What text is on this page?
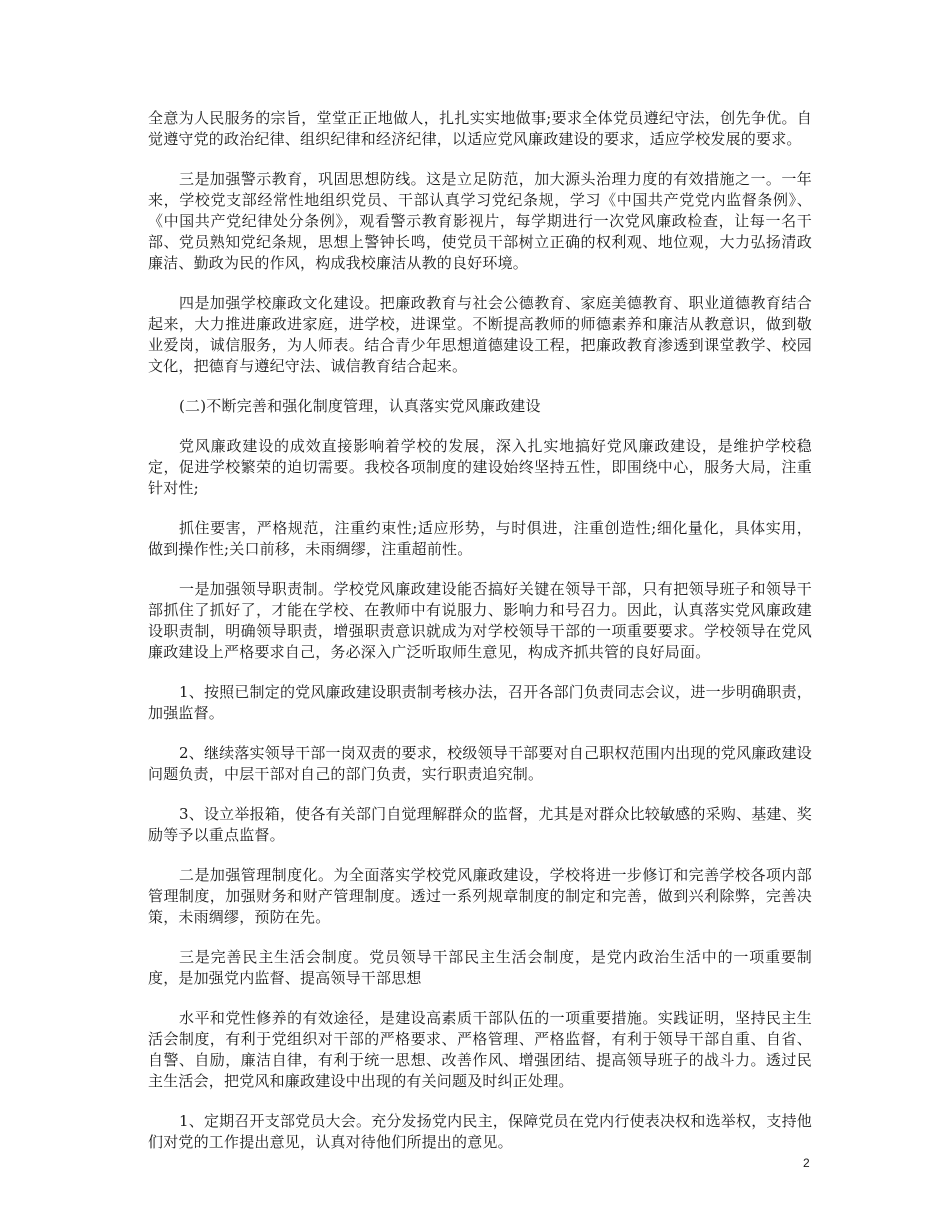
全意为人民服务的宗旨，堂堂正正地做人，扎扎实实地做事;要求全体党员遵纪守法，创先争优。自觉遵守党的政治纪律、组织纪律和经济纪律，以适应党风廉政建设的要求，适应学校发展的要求。

三是加强警示教育，巩固思想防线。这是立足防范，加大源头治理力度的有效措施之一。一年来，学校党支部经常性地组织党员、干部认真学习党纪条规，学习《中国共产党党内监督条例》、《中国共产党纪律处分条例》，观看警示教育影视片，每学期进行一次党风廉政检查，让每一名干部、党员熟知党纪条规，思想上警钟长鸣，使党员干部树立正确的权利观、地位观，大力弘扬清政廉洁、勤政为民的作风，构成我校廉洁从教的良好环境。

四是加强学校廉政文化建设。把廉政教育与社会公德教育、家庭美德教育、职业道德教育结合起来，大力推进廉政进家庭，进学校，进课堂。不断提高教师的师德素养和廉洁从教意识，做到敬业爱岗，诚信服务，为人师表。结合青少年思想道德建设工程，把廉政教育渗透到课堂教学、校园文化，把德育与遵纪守法、诚信教育结合起来。

(二)不断完善和强化制度管理，认真落实党风廉政建设

党风廉政建设的成效直接影响着学校的发展，深入扎实地搞好党风廉政建设，是维护学校稳定，促进学校繁荣的迫切需要。我校各项制度的建设始终坚持五性，即围绕中心，服务大局，注重针对性;

抓住要害，严格规范，注重约束性;适应形势，与时俱进，注重创造性;细化量化，具体实用，做到操作性;关口前移，未雨绸缪，注重超前性。

一是加强领导职责制。学校党风廉政建设能否搞好关键在领导干部，只有把领导班子和领导干部抓住了抓好了，才能在学校、在教师中有说服力、影响力和号召力。因此，认真落实党风廉政建设职责制，明确领导职责，增强职责意识就成为对学校领导干部的一项重要要求。学校领导在党风廉政建设上严格要求自己，务必深入广泛听取师生意见，构成齐抓共管的良好局面。

1、按照已制定的党风廉政建设职责制考核办法，召开各部门负责同志会议，进一步明确职责，加强监督。

2、继续落实领导干部一岗双责的要求，校级领导干部要对自己职权范围内出现的党风廉政建设问题负责，中层干部对自己的部门负责，实行职责追究制。

3、设立举报箱，使各有关部门自觉理解群众的监督，尤其是对群众比较敏感的采购、基建、奖励等予以重点监督。

二是加强管理制度化。为全面落实学校党风廉政建设，学校将进一步修订和完善学校各项内部管理制度，加强财务和财产管理制度。透过一系列规章制度的制定和完善，做到兴利除弊，完善决策，未雨绸缪，预防在先。

三是完善民主生活会制度。党员领导干部民主生活会制度，是党内政治生活中的一项重要制度，是加强党内监督、提高领导干部思想

水平和党性修养的有效途径，是建设高素质干部队伍的一项重要措施。实践证明，坚持民主生活会制度，有利于党组织对干部的严格要求、严格管理、严格监督，有利于领导干部自重、自省、自警、自励，廉洁自律，有利于统一思想、改善作风、增强团结、提高领导班子的战斗力。透过民主生活会，把党风和廉政建设中出现的有关问题及时纠正处理。

1、定期召开支部党员大会。充分发扬党内民主，保障党员在党内行使表决权和选举权，支持他们对党的工作提出意见，认真对待他们所提出的意见。

2
